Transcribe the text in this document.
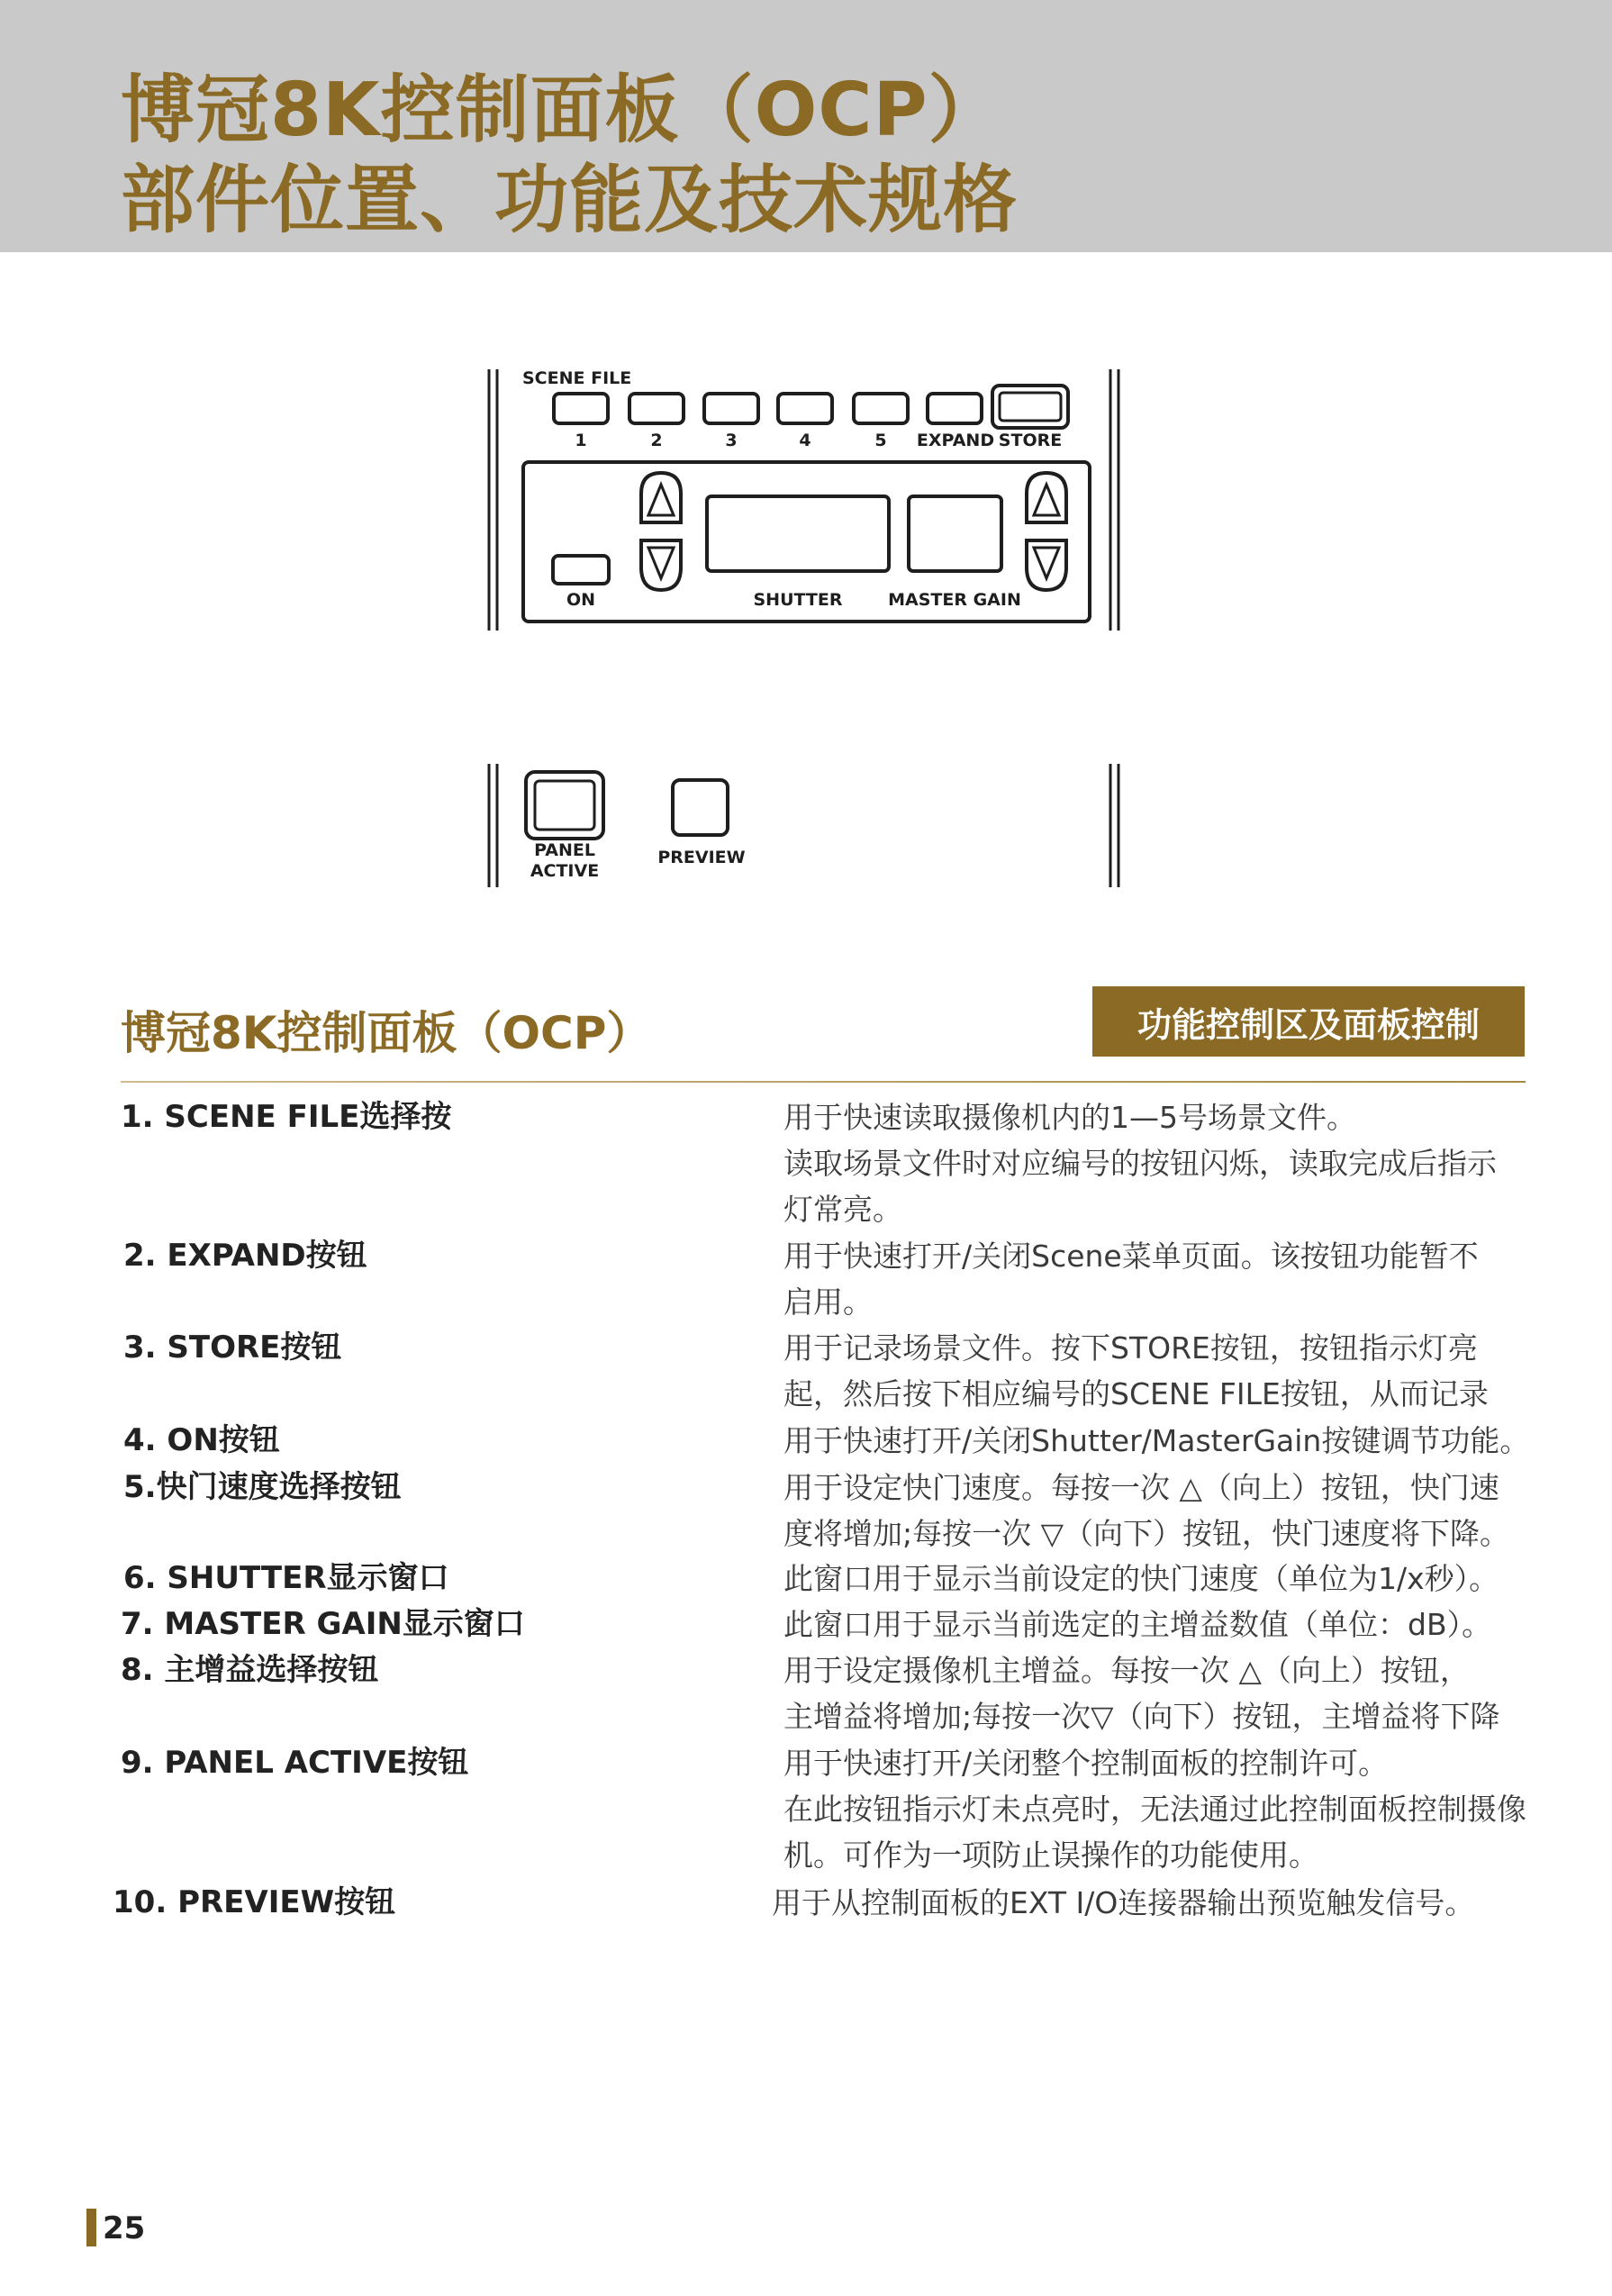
博冠8K控制面板（OCP）
部件位置、功能及技术规格
SCENE FILE
1	2	3	4	5 EXPAND STORE
ON	SHUTTER	MASTER GAIN
PANEL
ACTIVE
PREVIEW
博冠8K控制面板（OCP）	功能控制区及面板控制
1. SCENE FILE选择按	用于快速读取摄像机内的1—5号场景文件。
读取场景文件时对应编号的按钮闪烁，读取完成后指示
灯常亮。
2. EXPAND按钮	用于快速打开/关闭Scene菜单页面。该按钮功能暂不
启用。
3. STORE按钮	用于记录场景文件。按下STORE按钮，按钮指示灯亮
起，然后按下相应编号的SCENE FILE按钮，从而记录
4. ON按钮	用于快速打开/关闭Shutter/MasterGain按键调节功能。
5.快门速度选择按钮	用于设定快门速度。每按一次 △（向上）按钮，快门速
度将增加;每按一次 ▽（向下）按钮，快门速度将下降。
6. SHUTTER显示窗口	此窗口用于显示当前设定的快门速度（单位为1/x秒）。
7. MASTER GAIN显示窗口	此窗口用于显示当前选定的主增益数值（单位：dB）。
8. 主增益选择按钮	用于设定摄像机主增益。每按一次 △（向上）按钮，
主增益将增加;每按一次▽（向下）按钮，主增益将下降
9. PANEL ACTIVE按钮	用于快速打开/关闭整个控制面板的控制许可。
在此按钮指示灯未点亮时，无法通过此控制面板控制摄像
机。可作为一项防止误操作的功能使用。
10. PREVIEW按钮	用于从控制面板的EXT I/O连接器输出预览触发信号。
25
